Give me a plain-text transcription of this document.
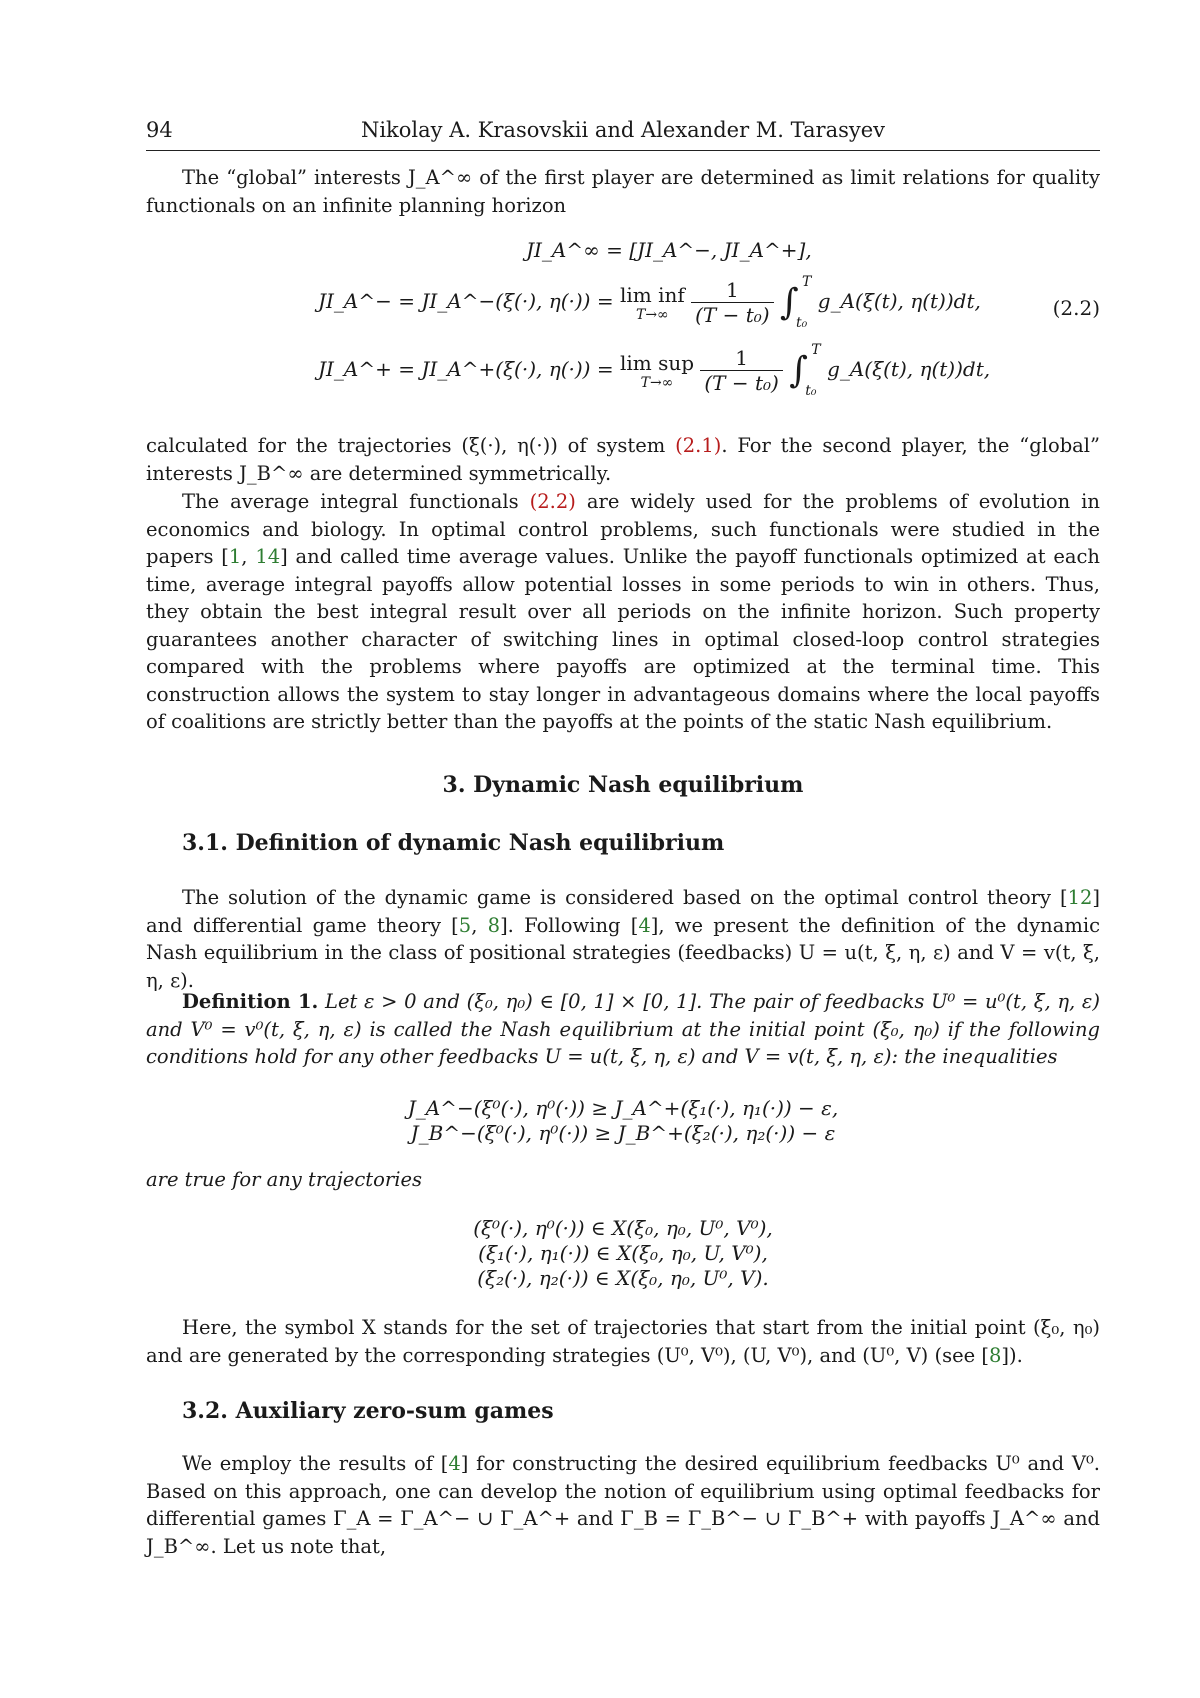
94	Nikolay A. Krasovskii and Alexander M. Tarasyev

The “global” interests J_A^∞ of the first player are determined as limit relations for quality functionals on an infinite planning horizon

JI_A^∞ = [JI_A^−, JI_A^+],
JI_A^− = JI_A^−(ξ(·), η(·)) = lim inf
T→∞
	$\frac{1}{\text{(T − t₀)}}$ ∫ T
t₀
g_A(ξ(t), η(t))dt,	(2.2)
JI_A^+ = JI_A^+(ξ(·), η(·)) = lim sup
T→∞
	$\frac{1}{\text{(T − t₀)}}$ ∫ T
t₀
g_A(ξ(t), η(t))dt,

calculated for the trajectories (ξ(·), η(·)) of system (2.1). For the second player, the “global” interests J_B^∞ are determined symmetrically.

The average integral functionals (2.2) are widely used for the problems of evolution in economics and biology. In optimal control problems, such functionals were studied in the papers [1, 14] and called time average values. Unlike the payoff functionals optimized at each time, average integral payoffs allow potential losses in some periods to win in others. Thus, they obtain the best integral result over all periods on the infinite horizon. Such property guarantees another character of switching lines in optimal closed-loop control strategies compared with the problems where payoffs are optimized at the terminal time. This construction allows the system to stay longer in advantageous domains where the local payoffs of coalitions are strictly better than the payoffs at the points of the static Nash equilibrium.

3. Dynamic Nash equilibrium
3.1. Definition of dynamic Nash equilibrium

The solution of the dynamic game is considered based on the optimal control theory [12] and differential game theory [5, 8]. Following [4], we present the definition of the dynamic Nash equilibrium in the class of positional strategies (feedbacks) U = u(t, ξ, η, ε) and V = v(t, ξ, η, ε).

Definition 1. Let ε > 0 and (ξ₀, η₀) ∈ [0, 1] × [0, 1]. The pair of feedbacks U⁰ = u⁰(t, ξ, η, ε) and V⁰ = v⁰(t, ξ, η, ε) is called the Nash equilibrium at the initial point (ξ₀, η₀) if the following conditions hold for any other feedbacks U = u(t, ξ, η, ε) and V = v(t, ξ, η, ε): the inequalities

J_A^−(ξ⁰(·), η⁰(·)) ≥ J_A^+(ξ₁(·), η₁(·)) − ε,
J_B^−(ξ⁰(·), η⁰(·)) ≥ J_B^+(ξ₂(·), η₂(·)) − ε

are true for any trajectories

(ξ⁰(·), η⁰(·)) ∈ X(ξ₀, η₀, U⁰, V⁰),
(ξ₁(·), η₁(·)) ∈ X(ξ₀, η₀, U, V⁰),
(ξ₂(·), η₂(·)) ∈ X(ξ₀, η₀, U⁰, V).

Here, the symbol X stands for the set of trajectories that start from the initial point (ξ₀, η₀) and are generated by the corresponding strategies (U⁰, V⁰), (U, V⁰), and (U⁰, V) (see [8]).

3.2. Auxiliary zero-sum games

We employ the results of [4] for constructing the desired equilibrium feedbacks U⁰ and V⁰. Based on this approach, one can develop the notion of equilibrium using optimal feedbacks for differential games Γ_A = Γ_A^− ∪ Γ_A^+ and Γ_B = Γ_B^− ∪ Γ_B^+ with payoffs J_A^∞ and J_B^∞. Let us note that,
